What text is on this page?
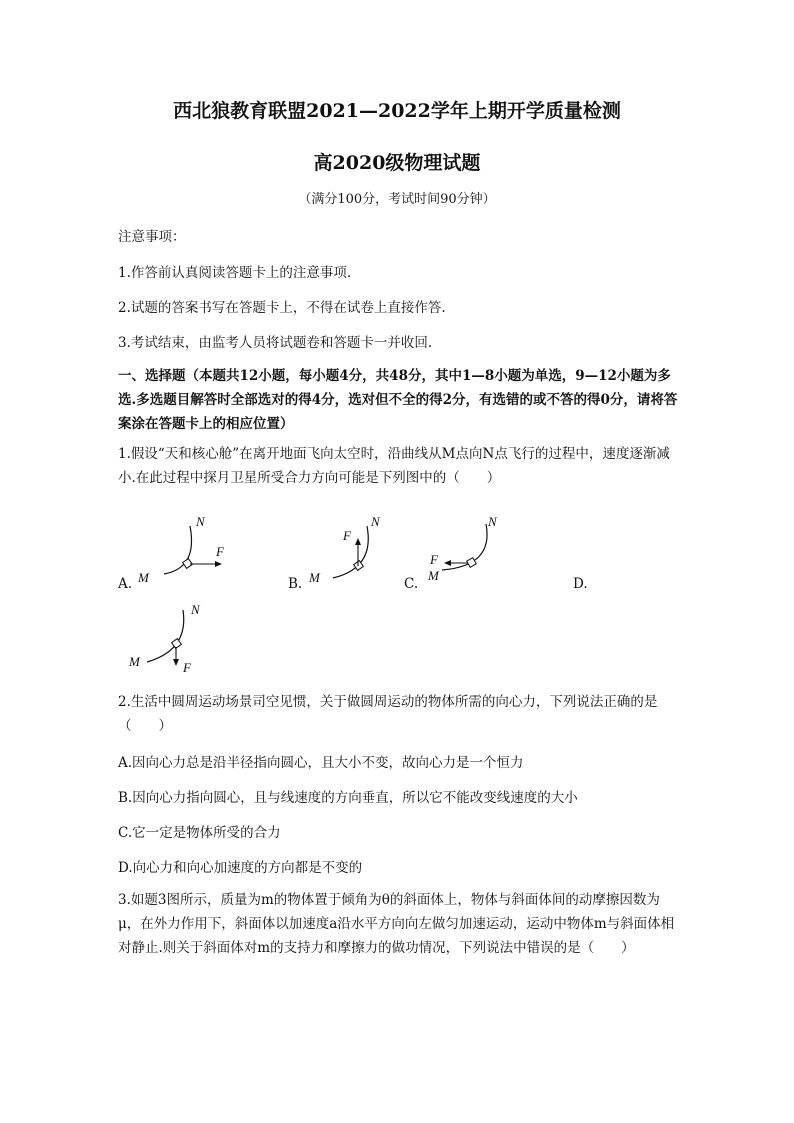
西北狼教育联盟2021—2022学年上期开学质量检测
高2020级物理试题
（满分100分，考试时间90分钟）
注意事项：
1.作答前认真阅读答题卡上的注意事项.
2.试题的答案书写在答题卡上，不得在试卷上直接作答.
3.考试结束，由监考人员将试题卷和答题卡一并收回.
一、选择题（本题共12小题，每小题4分，共48分，其中1—8小题为单选，9—12小题为多选.多选题目解答时全部选对的得4分，选对但不全的得2分，有选错的或不答的得0分，请将答案涂在答题卡上的相应位置）
1.假设“天和核心舱”在离开地面飞向太空时，沿曲线从M点向N点飞行的过程中，速度逐渐减小.在此过程中探月卫星所受合力方向可能是下列图中的（　　）
A. M
N
F
B. M
N
F
C.
M
N
F
D.
M
N
F
2.生活中圆周运动场景司空见惯，关于做圆周运动的物体所需的向心力，下列说法正确的是（　　）
A.因向心力总是沿半径指向圆心，且大小不变，故向心力是一个恒力
B.因向心力指向圆心，且与线速度的方向垂直，所以它不能改变线速度的大小
C.它一定是物体所受的合力
D.向心力和向心加速度的方向都是不变的
3.如题3图所示，质量为m的物体置于倾角为θ的斜面体上，物体与斜面体间的动摩擦因数为μ，在外力作用下，斜面体以加速度a沿水平方向向左做匀加速运动，运动中物体m与斜面体相对静止.则关于斜面体对m的支持力和摩擦力的做功情况，下列说法中错误的是（　　）
